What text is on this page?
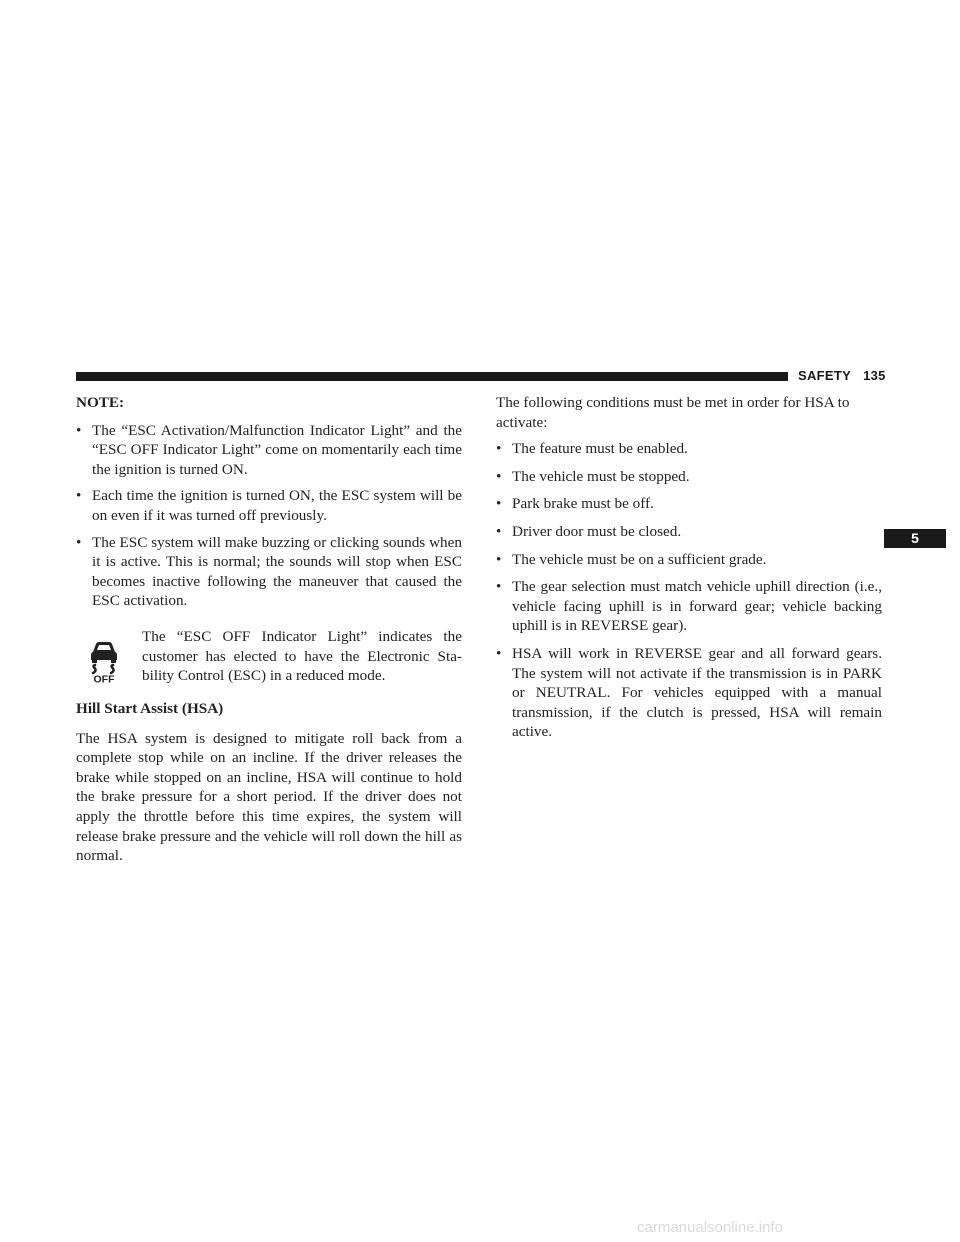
SAFETY 135
5

NOTE:

• The “ESC Activation/Malfunction Indicator Light” and the “ESC OFF Indicator Light” come on momentarily each time the ignition is turned ON.
• Each time the ignition is turned ON, the ESC system will be on even if it was turned off previously.
• The ESC system will make buzzing or clicking sounds when it is active. This is normal; the sounds will stop when ESC becomes inactive following the maneuver that caused the ESC activation.
OFF

The “ESC OFF Indicator Light” indicates the customer has elected to have the Electronic Sta-bility Control (ESC) in a reduced mode.

Hill Start Assist (HSA)

The HSA system is designed to mitigate roll back from a complete stop while on an incline. If the driver releases the brake while stopped on an incline, HSA will continue to hold the brake pressure for a short period. If the driver does not apply the throttle before this time expires, the system will release brake pressure and the vehicle will roll down the hill as normal.

The following conditions must be met in order for HSA to activate:

• The feature must be enabled.
• The vehicle must be stopped.
• Park brake must be off.
• Driver door must be closed.
• The vehicle must be on a sufficient grade.
• The gear selection must match vehicle uphill direction (i.e., vehicle facing uphill is in forward gear; vehicle backing uphill is in REVERSE gear).
• HSA will work in REVERSE gear and all forward gears. The system will not activate if the transmission is in PARK or NEUTRAL. For vehicles equipped with a manual transmission, if the clutch is pressed, HSA will remain active.
carmanualsonline.info
